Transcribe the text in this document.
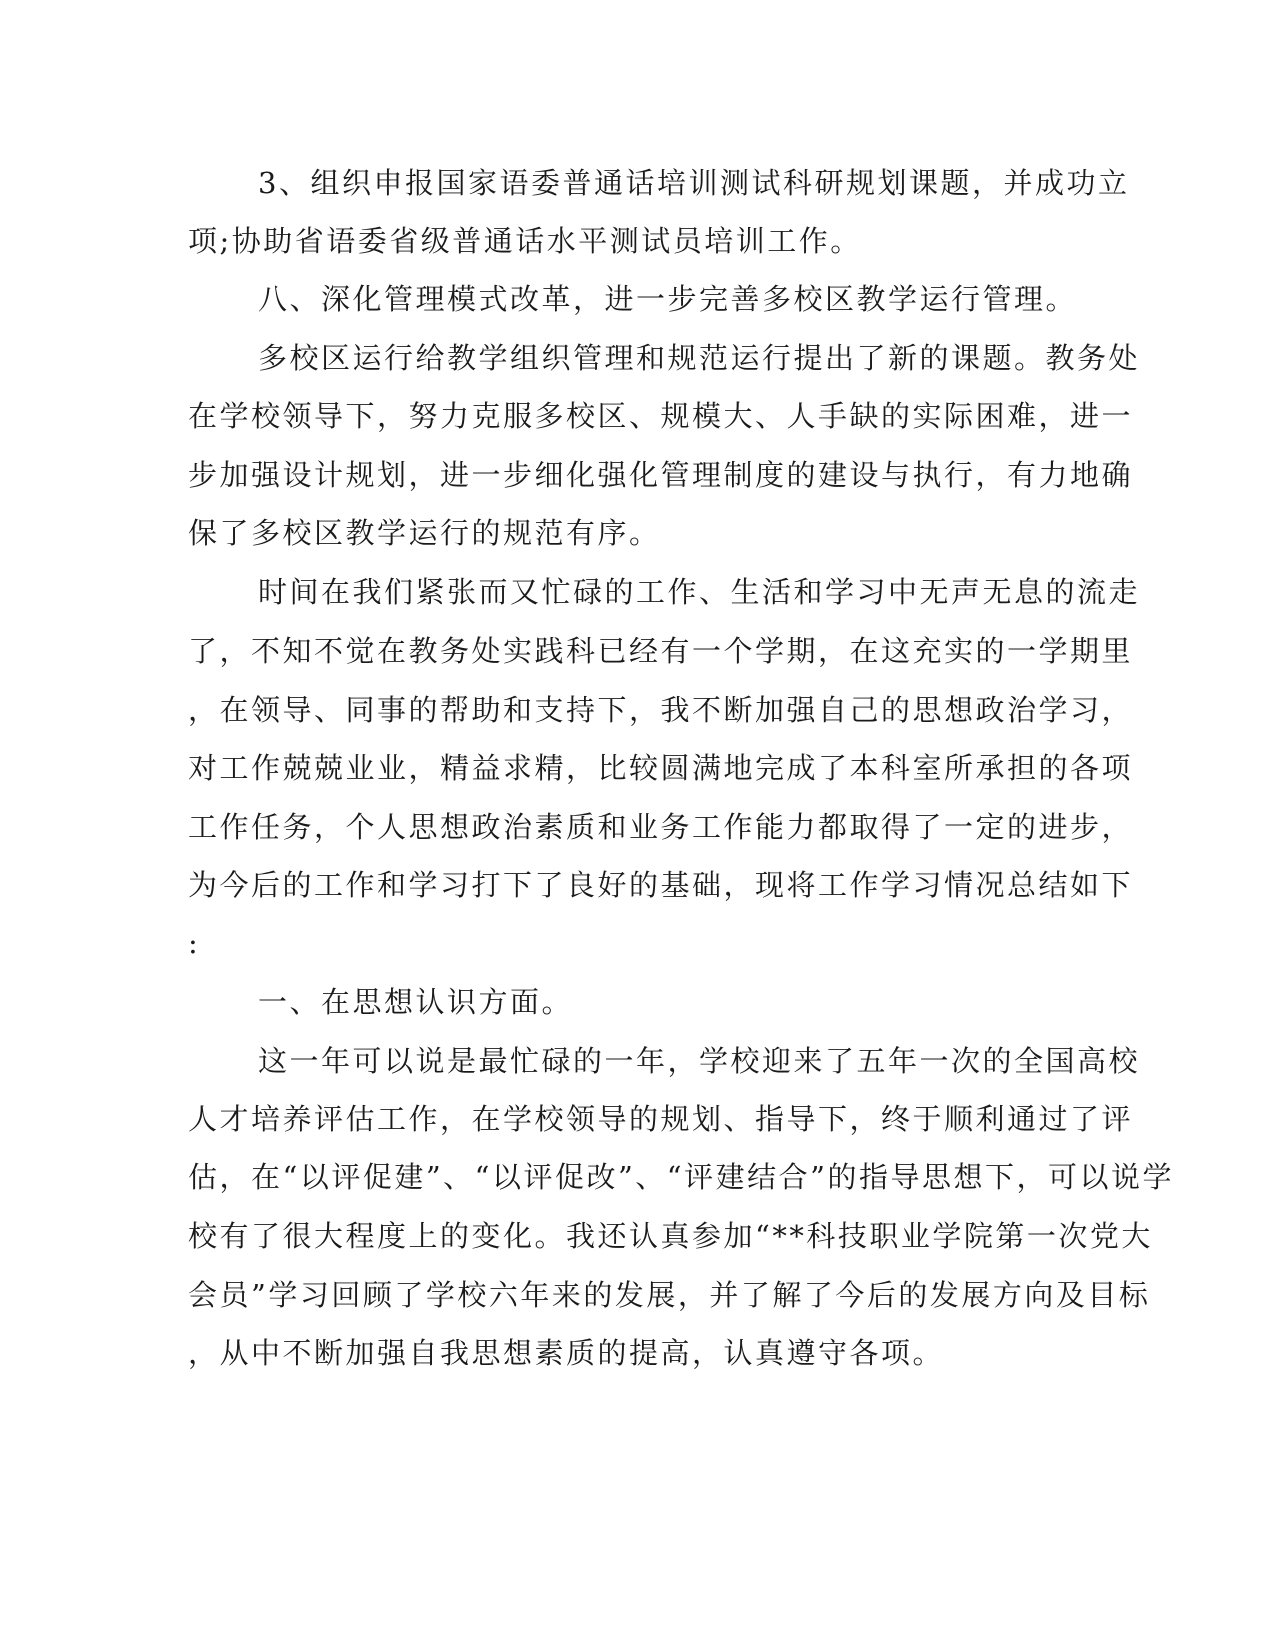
3、组织申报国家语委普通话培训测试科研规划课题，并成功立
项;协助省语委省级普通话水平测试员培训工作。
八、深化管理模式改革，进一步完善多校区教学运行管理。
多校区运行给教学组织管理和规范运行提出了新的课题。教务处
在学校领导下，努力克服多校区、规模大、人手缺的实际困难，进一
步加强设计规划，进一步细化强化管理制度的建设与执行，有力地确
保了多校区教学运行的规范有序。
时间在我们紧张而又忙碌的工作、生活和学习中无声无息的流走
了，不知不觉在教务处实践科已经有一个学期，在这充实的一学期里
，在领导、同事的帮助和支持下，我不断加强自己的思想政治学习，
对工作兢兢业业，精益求精，比较圆满地完成了本科室所承担的各项
工作任务，个人思想政治素质和业务工作能力都取得了一定的进步，
为今后的工作和学习打下了良好的基础，现将工作学习情况总结如下
:
一、在思想认识方面。
这一年可以说是最忙碌的一年，学校迎来了五年一次的全国高校
人才培养评估工作，在学校领导的规划、指导下，终于顺利通过了评
估，在“以评促建”、“以评促改”、“评建结合”的指导思想下，可以说学
校有了很大程度上的变化。我还认真参加“**科技职业学院第一次党大
会员”学习回顾了学校六年来的发展，并了解了今后的发展方向及目标
，从中不断加强自我思想素质的提高，认真遵守各项。
